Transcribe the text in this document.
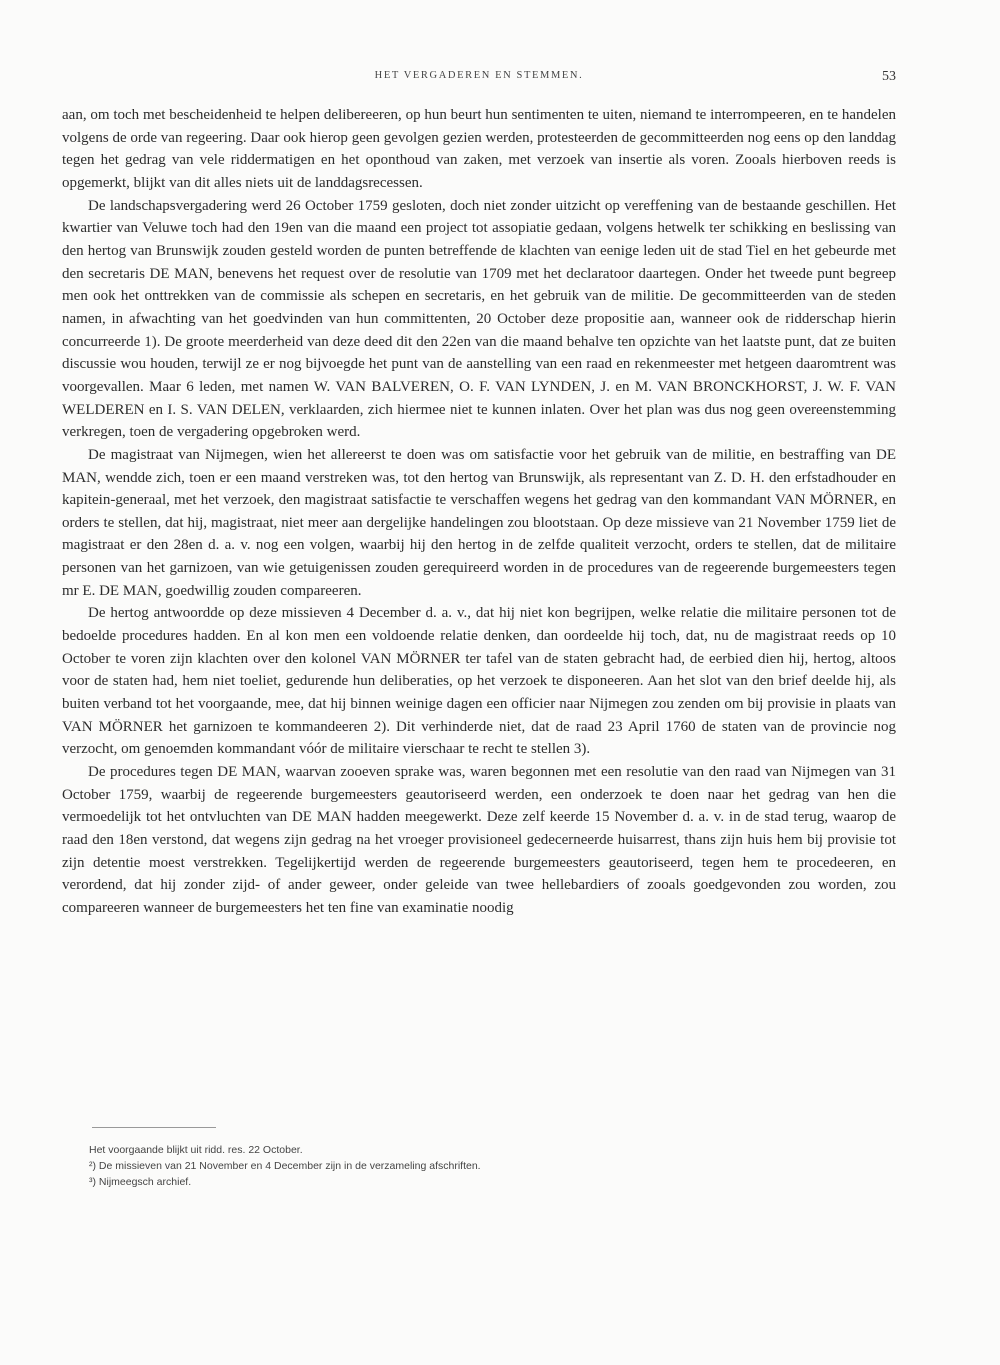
HET VERGADEREN EN STEMMEN.	53

aan, om toch met bescheidenheid te helpen delibereeren, op hun beurt hun sentimenten te uiten, niemand te interrompeeren, en te handelen volgens de orde van regeering. Daar ook hierop geen gevolgen gezien werden, protesteerden de gecommitteerden nog eens op den landdag tegen het gedrag van vele riddermatigen en het oponthoud van zaken, met verzoek van insertie als voren. Zooals hierboven reeds is opgemerkt, blijkt van dit alles niets uit de landdagsrecessen.

De landschapsvergadering werd 26 October 1759 gesloten, doch niet zonder uitzicht op vereffening van de bestaande geschillen. Het kwartier van Veluwe toch had den 19en van die maand een project tot assopiatie gedaan, volgens hetwelk ter schikking en beslissing van den hertog van Brunswijk zouden gesteld worden de punten betreffende de klachten van eenige leden uit de stad Tiel en het gebeurde met den secretaris DE MAN, benevens het request over de resolutie van 1709 met het declaratoor daartegen. Onder het tweede punt begreep men ook het onttrekken van de commissie als schepen en secretaris, en het gebruik van de militie. De gecommitteerden van de steden namen, in afwachting van het goedvinden van hun committenten, 20 October deze propositie aan, wanneer ook de ridderschap hierin concurreerde 1). De groote meerderheid van deze deed dit den 22en van die maand behalve ten opzichte van het laatste punt, dat ze buiten discussie wou houden, terwijl ze er nog bijvoegde het punt van de aanstelling van een raad en rekenmeester met hetgeen daaromtrent was voorgevallen. Maar 6 leden, met namen W. VAN BALVEREN, O. F. VAN LYNDEN, J. en M. VAN BRONCKHORST, J. W. F. VAN WELDEREN en I. S. VAN DELEN, verklaarden, zich hiermee niet te kunnen inlaten. Over het plan was dus nog geen overeenstemming verkregen, toen de vergadering opgebroken werd.

De magistraat van Nijmegen, wien het allereerst te doen was om satisfactie voor het gebruik van de militie, en bestraffing van DE MAN, wendde zich, toen er een maand verstreken was, tot den hertog van Brunswijk, als representant van Z. D. H. den erfstadhouder en kapitein-generaal, met het verzoek, den magistraat satisfactie te verschaffen wegens het gedrag van den kommandant VAN MÖRNER, en orders te stellen, dat hij, magistraat, niet meer aan dergelijke handelingen zou blootstaan. Op deze missieve van 21 November 1759 liet de magistraat er den 28en d. a. v. nog een volgen, waarbij hij den hertog in de zelfde qualiteit verzocht, orders te stellen, dat de militaire personen van het garnizoen, van wie getuigenissen zouden gerequireerd worden in de procedures van de regeerende burgemeesters tegen mr E. DE MAN, goedwillig zouden compareeren.

De hertog antwoordde op deze missieven 4 December d. a. v., dat hij niet kon begrijpen, welke relatie die militaire personen tot de bedoelde procedures hadden. En al kon men een voldoende relatie denken, dan oordeelde hij toch, dat, nu de magistraat reeds op 10 October te voren zijn klachten over den kolonel VAN MÖRNER ter tafel van de staten gebracht had, de eerbied dien hij, hertog, altoos voor de staten had, hem niet toeliet, gedurende hun deliberaties, op het verzoek te disponeeren. Aan het slot van den brief deelde hij, als buiten verband tot het voorgaande, mee, dat hij binnen weinige dagen een officier naar Nijmegen zou zenden om bij provisie in plaats van VAN MÖRNER het garnizoen te kommandeeren 2). Dit verhinderde niet, dat de raad 23 April 1760 de staten van de provincie nog verzocht, om genoemden kommandant vóór de militaire vierschaar te recht te stellen 3).

De procedures tegen DE MAN, waarvan zooeven sprake was, waren begonnen met een resolutie van den raad van Nijmegen van 31 October 1759, waarbij de regeerende burgemeesters geautoriseerd werden, een onderzoek te doen naar het gedrag van hen die vermoedelijk tot het ontvluchten van DE MAN hadden meegewerkt. Deze zelf keerde 15 November d. a. v. in de stad terug, waarop de raad den 18en verstond, dat wegens zijn gedrag na het vroeger provisioneel gedecerneerde huisarrest, thans zijn huis hem bij provisie tot zijn detentie moest verstrekken. Tegelijkertijd werden de regeerende burgemeesters geautoriseerd, tegen hem te procedeeren, en verordend, dat hij zonder zijd- of ander geweer, onder geleide van twee hellebardiers of zooals goedgevonden zou worden, zou compareeren wanneer de burgemeesters het ten fine van examinatie noodig

Het voorgaande blijkt uit ridd. res. 22 October.
²) De missieven van 21 November en 4 December zijn in de verzameling afschriften.
³) Nijmeegsch archief.
